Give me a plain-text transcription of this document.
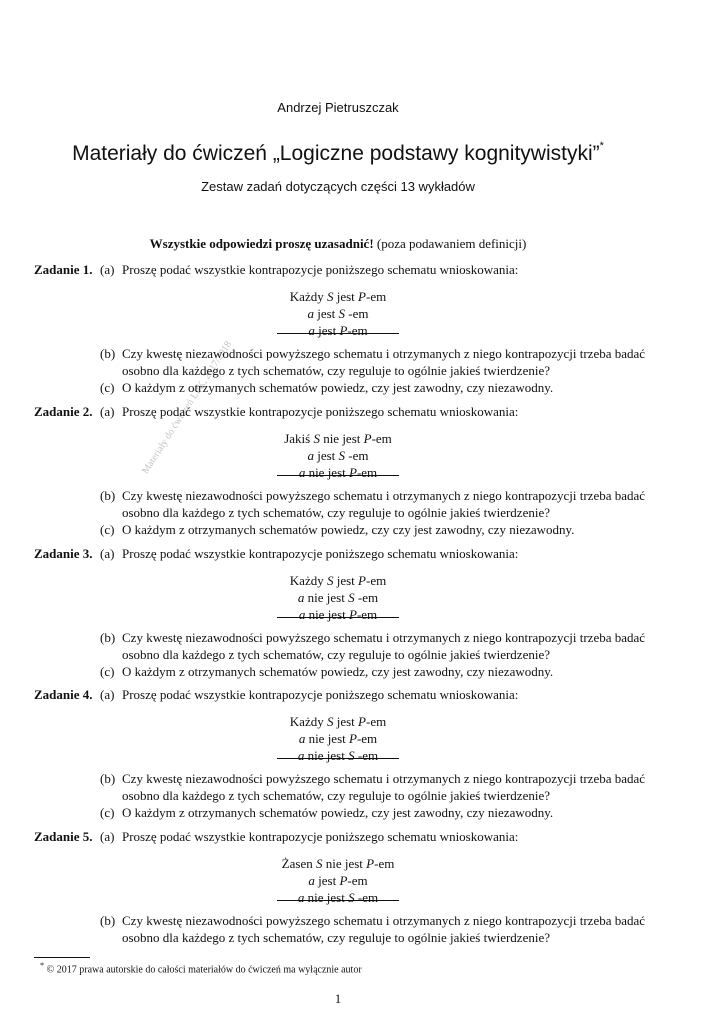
Andrzej Pietruszczak
Materiały do ćwiczeń „Logiczne podstawy kognitywistyki”*
Zestaw zadań dotyczących części 13 wykładów
Wszystkie odpowiedzi proszę uzasadnić! (poza podawaniem definicji)
Materiały do ćwiczeń LPK, 2017/2018
Zadanie 1. (a) Proszę podać wszystkie kontrapozycje poniższego schematu wnioskowania:
Każdy S jest P-em
a jest S -em
a jest P-em
(b) Czy kwestę niezawodności powyższego schematu i otrzymanych z niego kontrapozycji trzeba badać
osobno dla każdego z tych schematów, czy reguluje to ogólnie jakieś twierdzenie?
(c) O każdym z otrzymanych schematów powiedz, czy jest zawodny, czy niezawodny.
Zadanie 2. (a) Proszę podać wszystkie kontrapozycje poniższego schematu wnioskowania:
Jakiś S nie jest P-em
a jest S -em
a nie jest P-em
(b) Czy kwestę niezawodności powyższego schematu i otrzymanych z niego kontrapozycji trzeba badać
osobno dla każdego z tych schematów, czy reguluje to ogólnie jakieś twierdzenie?
(c) O każdym z otrzymanych schematów powiedz, czy czy jest zawodny, czy niezawodny.
Zadanie 3. (a) Proszę podać wszystkie kontrapozycje poniższego schematu wnioskowania:
Każdy S jest P-em
a nie jest S -em
a nie jest P-em
(b) Czy kwestę niezawodności powyższego schematu i otrzymanych z niego kontrapozycji trzeba badać
osobno dla każdego z tych schematów, czy reguluje to ogólnie jakieś twierdzenie?
(c) O każdym z otrzymanych schematów powiedz, czy jest zawodny, czy niezawodny.
Zadanie 4. (a) Proszę podać wszystkie kontrapozycje poniższego schematu wnioskowania:
Każdy S jest P-em
a nie jest P-em
a nie jest S -em
(b) Czy kwestę niezawodności powyższego schematu i otrzymanych z niego kontrapozycji trzeba badać
osobno dla każdego z tych schematów, czy reguluje to ogólnie jakieś twierdzenie?
(c) O każdym z otrzymanych schematów powiedz, czy jest zawodny, czy niezawodny.
Zadanie 5. (a) Proszę podać wszystkie kontrapozycje poniższego schematu wnioskowania:
Żasen S nie jest P-em
a jest P-em
a nie jest S -em
(b) Czy kwestę niezawodności powyższego schematu i otrzymanych z niego kontrapozycji trzeba badać
osobno dla każdego z tych schematów, czy reguluje to ogólnie jakieś twierdzenie?
* © 2017 prawa autorskie do całości materiałów do ćwiczeń ma wyłącznie autor
1
